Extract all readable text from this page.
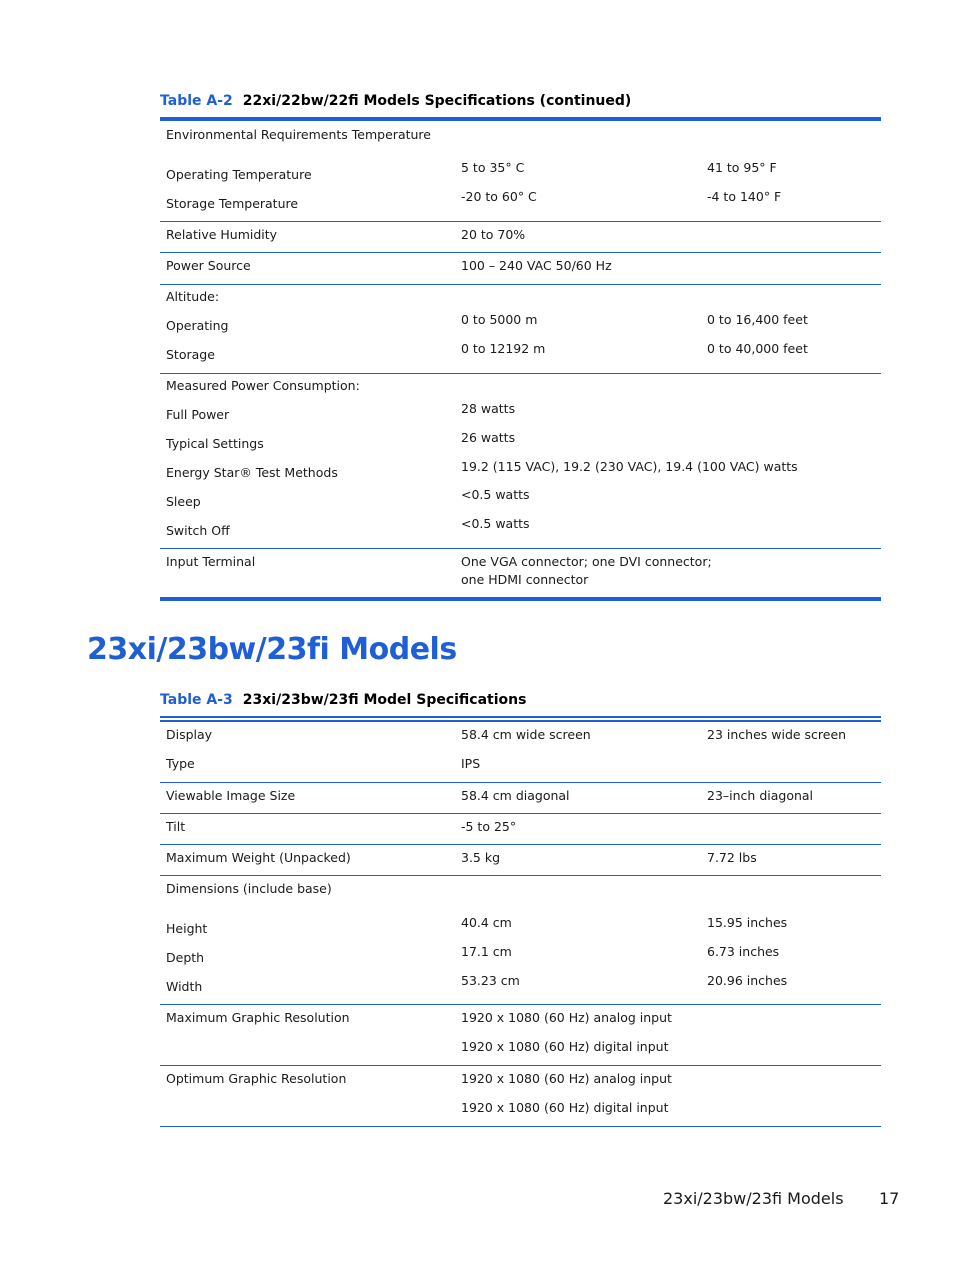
Table A-2 22xi/22bw/22fi Models Specifications (continued)
Environmental Requirements Temperature
Operating Temperature	5 to 35° C	41 to 95° F
Storage Temperature	-20 to 60° C	-4 to 140° F
Relative Humidity	20 to 70%
Power Source	100 – 240 VAC 50/60 Hz
Altitude:
Operating	0 to 5000 m	0 to 16,400 feet
Storage	0 to 12192 m	0 to 40,000 feet
Measured Power Consumption:
Full Power	28 watts
Typical Settings	26 watts
Energy Star® Test Methods	19.2 (115 VAC), 19.2 (230 VAC), 19.4 (100 VAC) watts
Sleep	<0.5 watts
Switch Off	<0.5 watts
Input Terminal	One VGA connector; one DVI connector;
one HDMI connector
23xi/23bw/23fi Models
Table A-3 23xi/23bw/23fi Model Specifications
Display	58.4 cm wide screen	23 inches wide screen
Type	IPS
Viewable Image Size	58.4 cm diagonal	23–inch diagonal
Tilt	-5 to 25°
Maximum Weight (Unpacked)	3.5 kg	7.72 lbs
Dimensions (include base)
Height	40.4 cm	15.95 inches
Depth	17.1 cm	6.73 inches
Width	53.23 cm	20.96 inches
Maximum Graphic Resolution	1920 x 1080 (60 Hz) analog input
1920 x 1080 (60 Hz) digital input
Optimum Graphic Resolution	1920 x 1080 (60 Hz) analog input
1920 x 1080 (60 Hz) digital input
23xi/23bw/23fi Models 17
